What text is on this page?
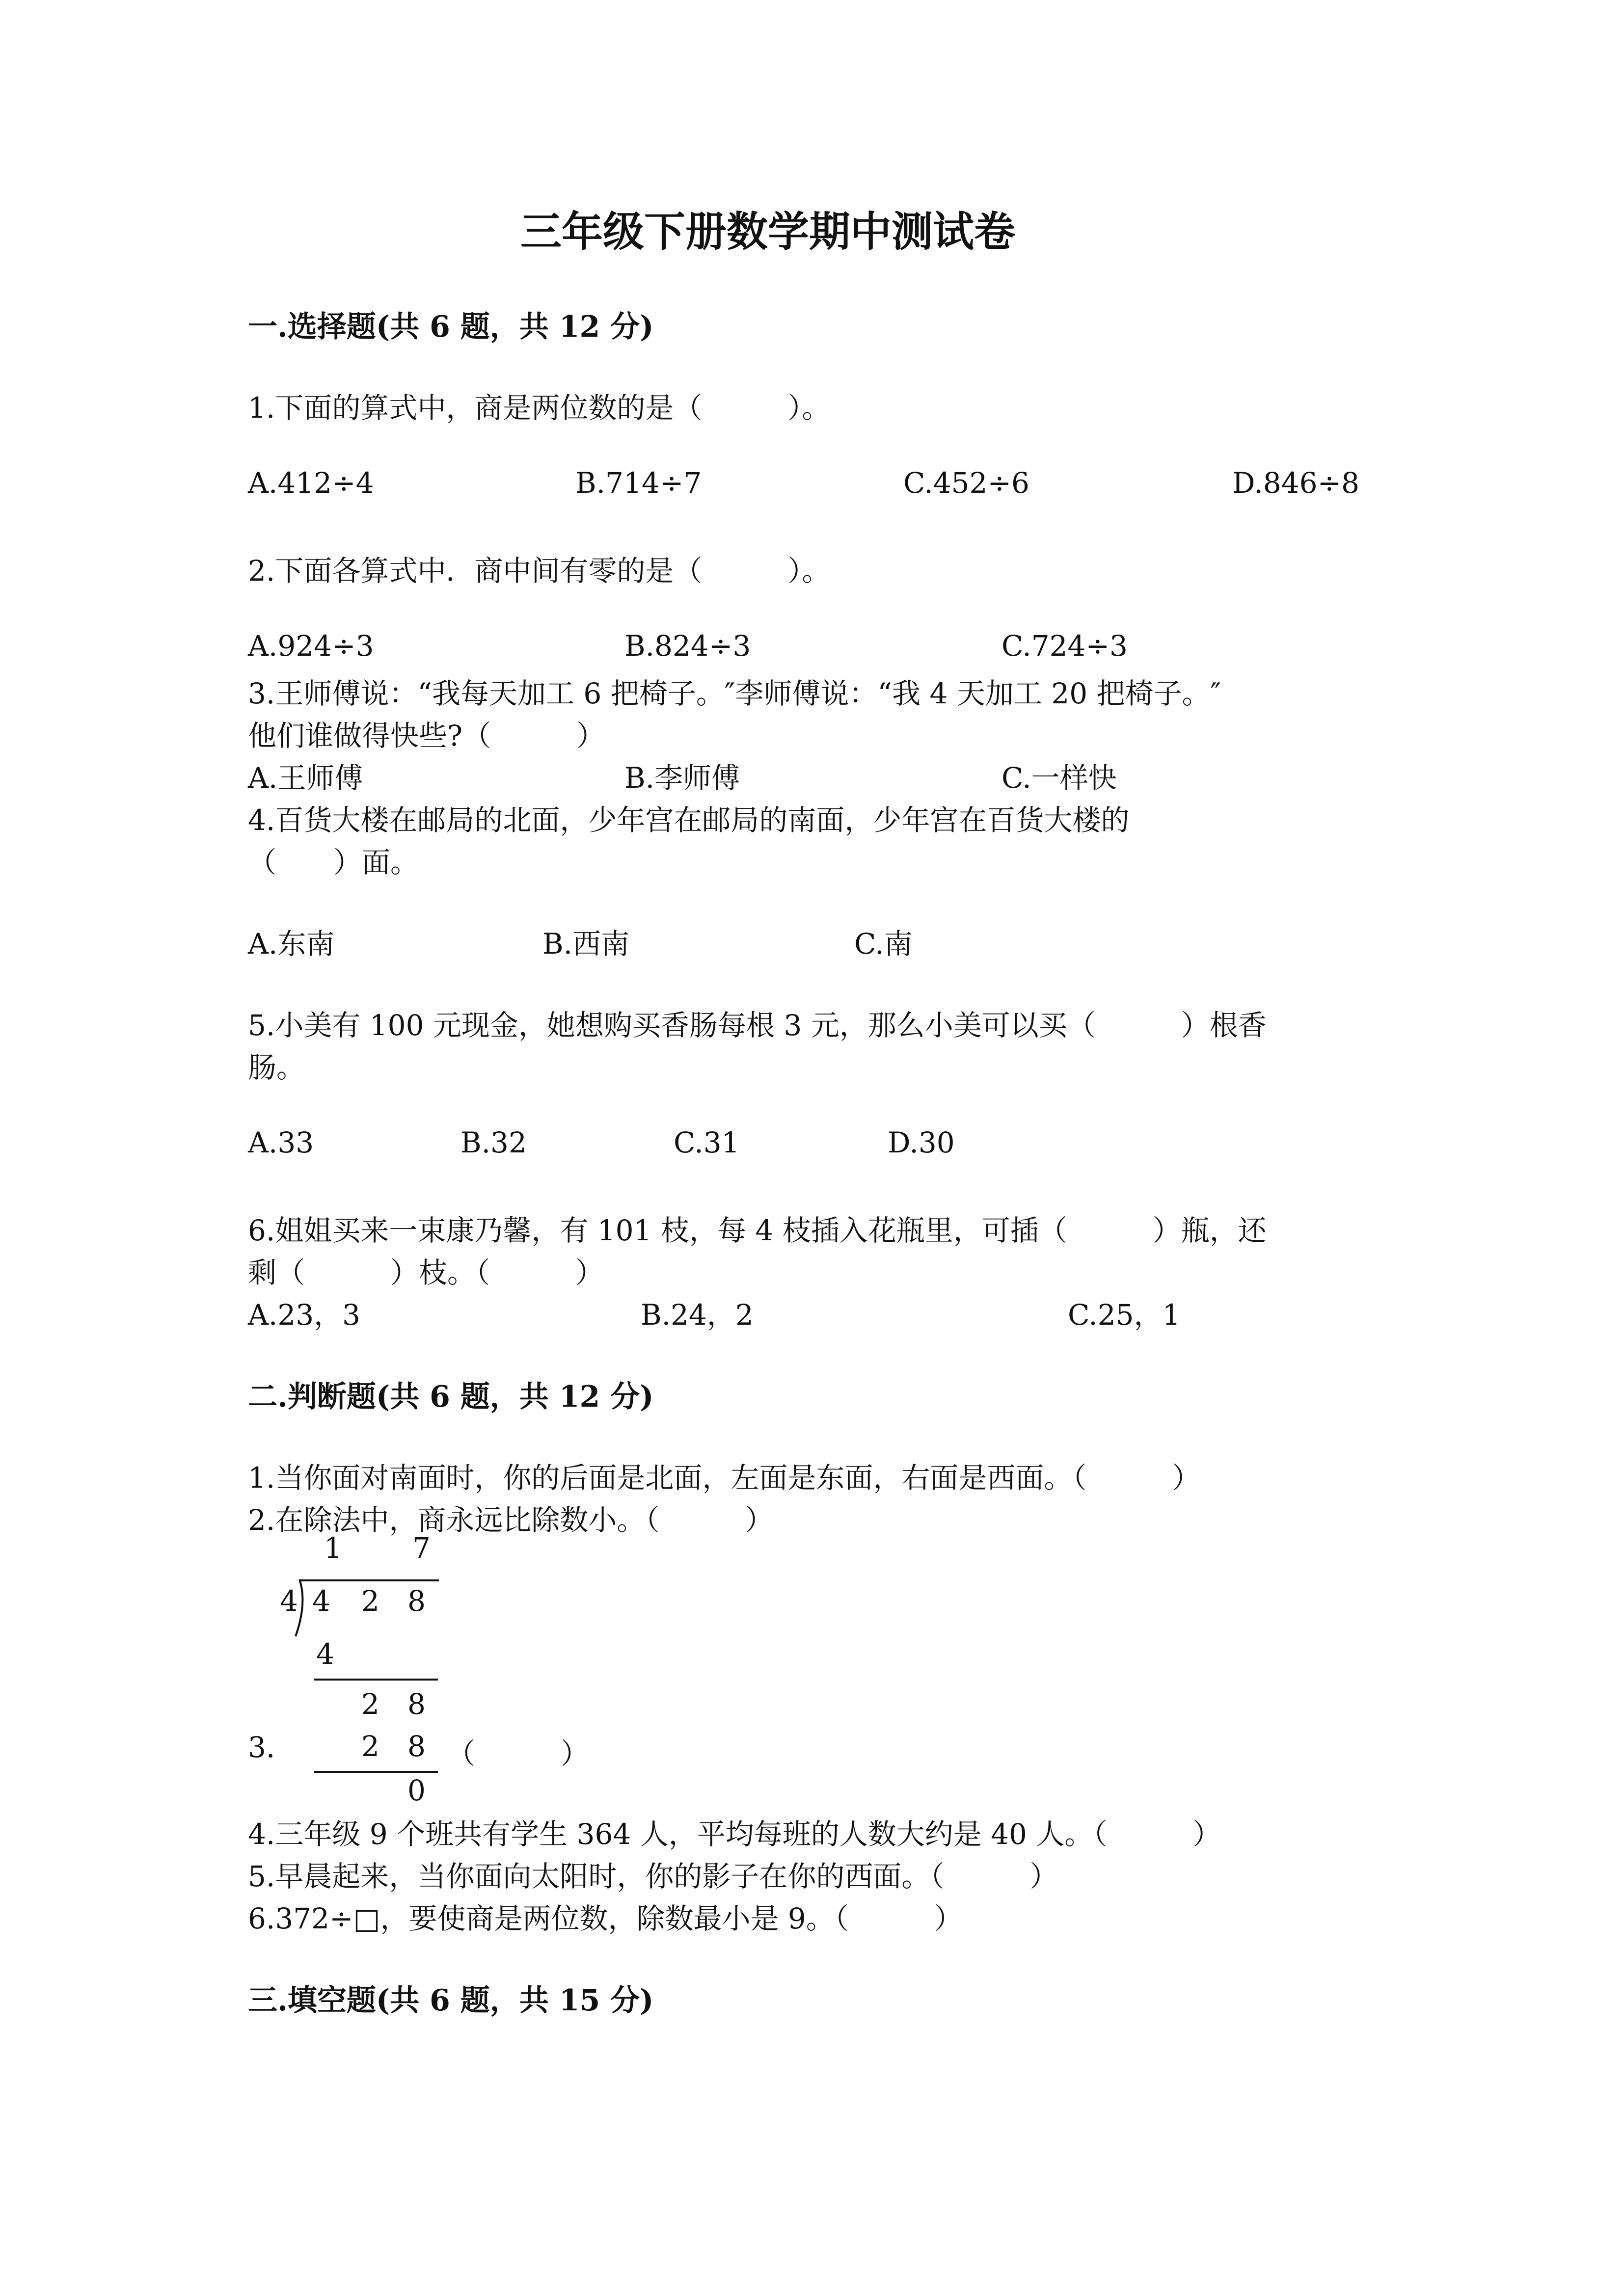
三年级下册数学期中测试卷
一.选择题(共 6 题，共 12 分)
1.下面的算式中，商是两位数的是（　　　）。
A.412÷4	B.714÷7	C.452÷6	D.846÷8
2.下面各算式中．商中间有零的是（　　　）。
A.924÷3	B.824÷3	C.724÷3
3.王师傅说：“我每天加工 6 把椅子。″李师傅说：“我 4 天加工 20 把椅子。″
他们谁做得快些?（　　　）
A.王师傅	B.李师傅	C.一样快
4.百货大楼在邮局的北面，少年宫在邮局的南面，少年宫在百货大楼的
（　　）面。
A.东南	B.西南	C.南
5.小美有 100 元现金，她想购买香肠每根 3 元，那么小美可以买（　　　）根香
肠。
A.33	B.32	C.31	D.30
6.姐姐买来一束康乃馨，有 101 枝，每 4 枝插入花瓶里，可插（　　　）瓶，还
剩（　　　）枝。（　　　）
A.23，3	B.24，2	C.25，1
二.判断题(共 6 题，共 12 分)
1.当你面对南面时，你的后面是北面，左面是东面，右面是西面。（　　　）
2.在除法中，商永远比除数小。（　　　）
1 7
4 4 2 8
4
2 8
2 8
0
3.	（　　　）
4.三年级 9 个班共有学生 364 人，平均每班的人数大约是 40 人。（　　　）
5.早晨起来，当你面向太阳时，你的影子在你的西面。（　　　）
6.372÷□，要使商是两位数，除数最小是 9。（　　　）
三.填空题(共 6 题，共 15 分)
